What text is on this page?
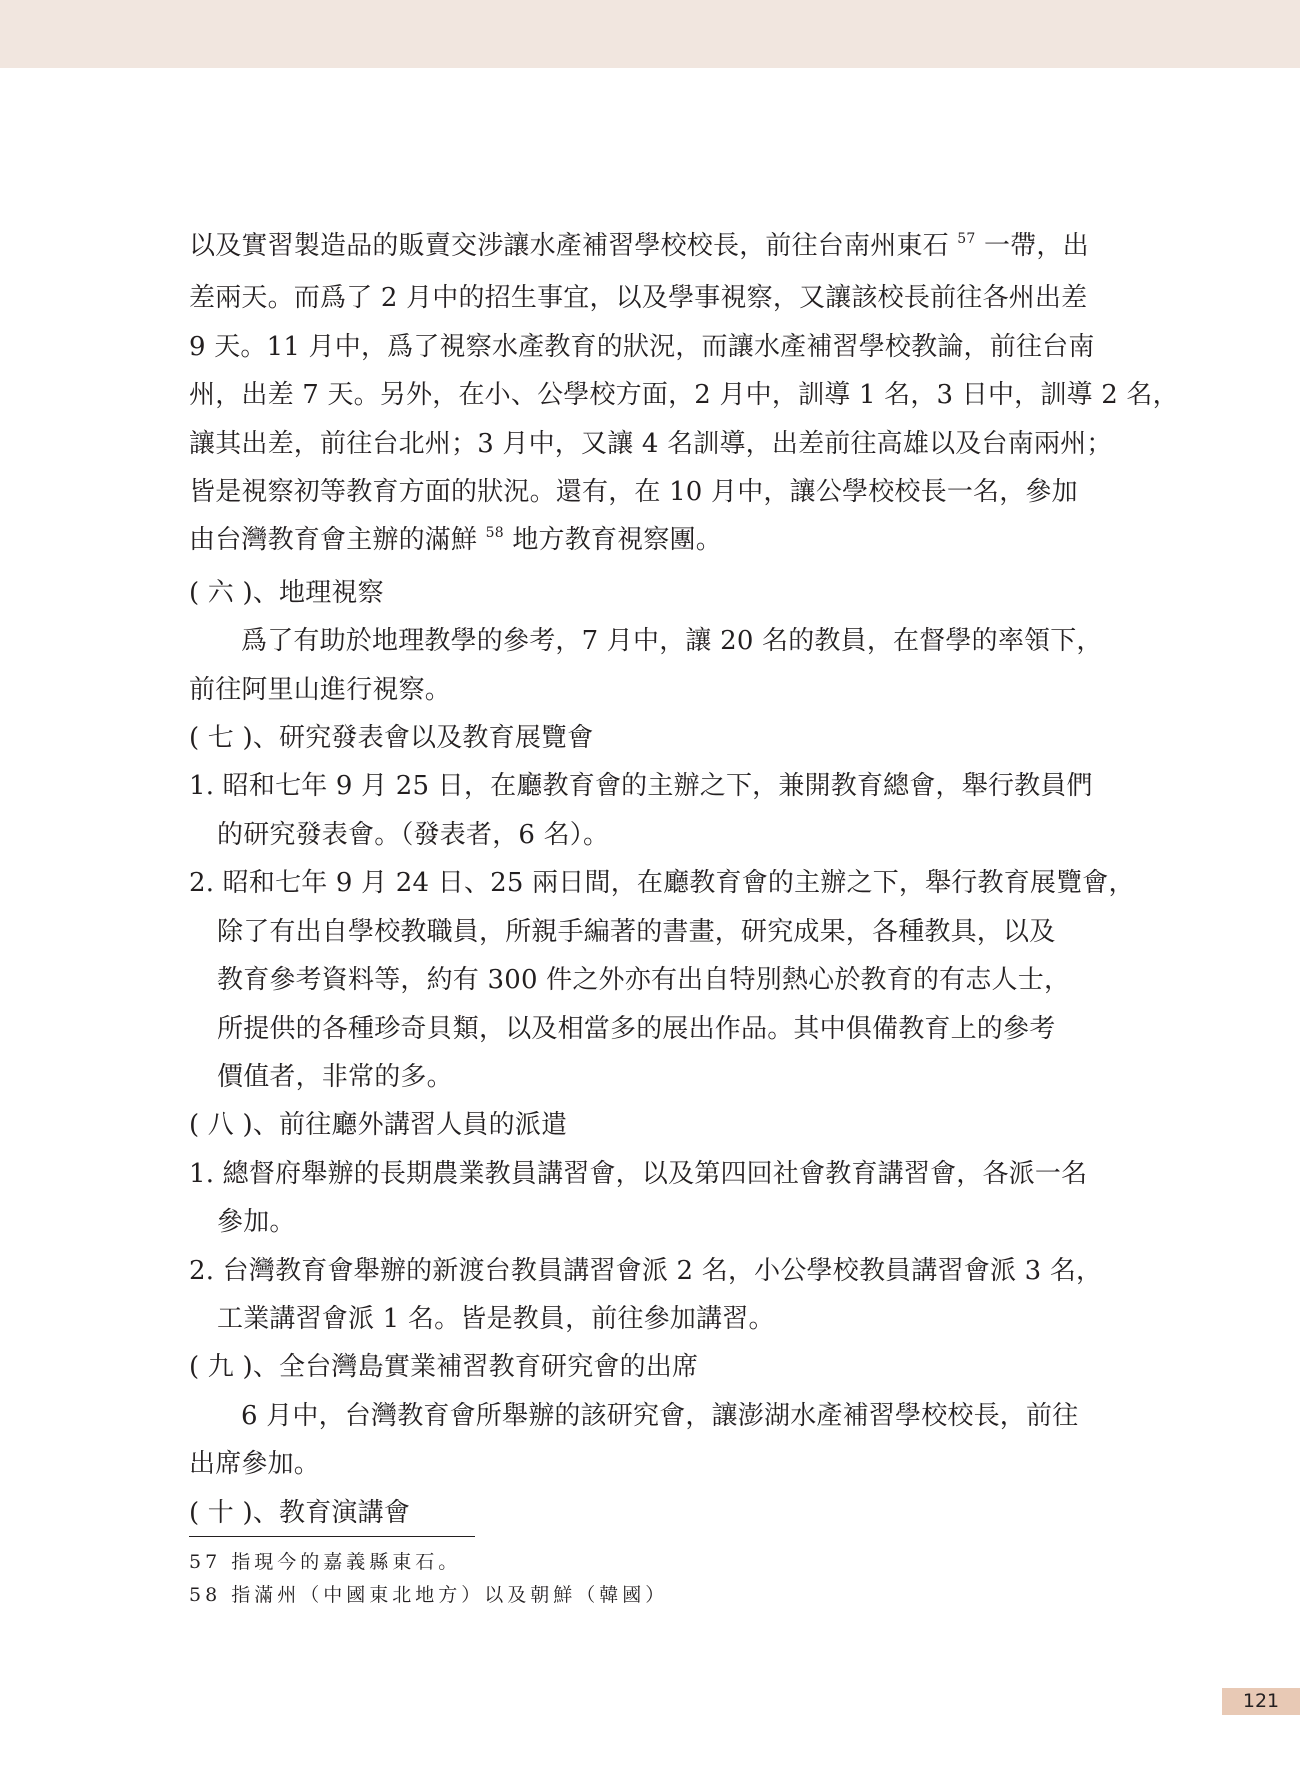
以及實習製造品的販賣交涉讓水產補習學校校長，前往台南州東石 $^{57}$ 一帶，出

差兩天。而爲了 2 月中的招生事宜，以及學事視察，又讓該校長前往各州出差

9 天。11 月中，爲了視察水產教育的狀況，而讓水產補習學校教論，前往台南

州，出差 7 天。另外，在小、公學校方面，2 月中，訓導 1 名，3 日中，訓導 2 名，

讓其出差，前往台北州；3 月中，又讓 4 名訓導，出差前往高雄以及台南兩州；

皆是視察初等教育方面的狀況。還有，在 10 月中，讓公學校校長一名，參加

由台灣教育會主辦的滿鮮 $^{58}$ 地方教育視察團。

( 六 )、地理視察

爲了有助於地理教學的參考，7 月中，讓 20 名的教員，在督學的率領下，

前往阿里山進行視察。

( 七 )、研究發表會以及教育展覽會

1. 昭和七年 9 月 25 日，在廳教育會的主辦之下，兼開教育總會，舉行教員們

的研究發表會。（發表者，6 名）。

2. 昭和七年 9 月 24 日、25 兩日間，在廳教育會的主辦之下，舉行教育展覽會，

除了有出自學校教職員，所親手編著的書畫，研究成果，各種教具，以及

教育參考資料等，約有 300 件之外亦有出自特別熱心於教育的有志人士，

所提供的各種珍奇貝類，以及相當多的展出作品。其中俱備教育上的參考

價值者，非常的多。

( 八 )、前往廳外講習人員的派遣

1. 總督府舉辦的長期農業教員講習會，以及第四回社會教育講習會，各派一名

參加。

2. 台灣教育會舉辦的新渡台教員講習會派 2 名，小公學校教員講習會派 3 名，

工業講習會派 1 名。皆是教員，前往參加講習。

( 九 )、全台灣島實業補習教育研究會的出席

6 月中，台灣教育會所舉辦的該研究會，讓澎湖水產補習學校校長，前往

出席參加。

( 十 )、教育演講會

57 指現今的嘉義縣東石。

58 指滿州（中國東北地方）以及朝鮮（韓國）

121
